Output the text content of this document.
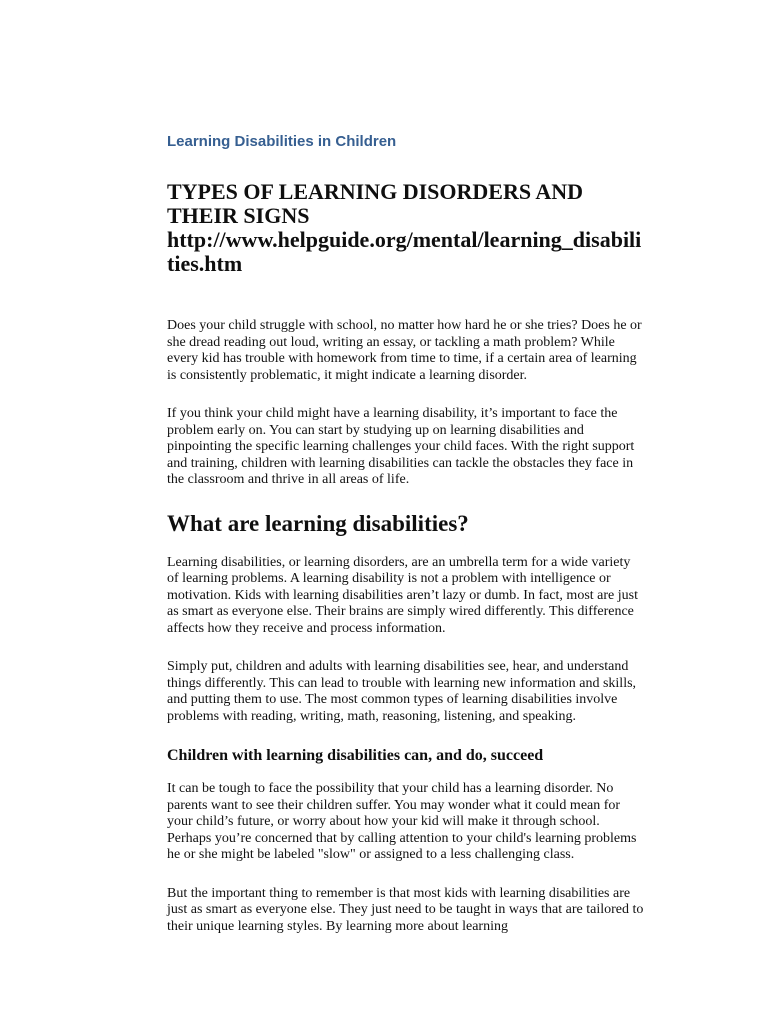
Learning Disabilities in Children

TYPES OF LEARNING DISORDERS AND THEIR SIGNS
http://www.helpguide.org/mental/learning_disabilities.htm

Does your child struggle with school, no matter how hard he or she tries? Does he or she dread reading out loud, writing an essay, or tackling a math problem? While every kid has trouble with homework from time to time, if a certain area of learning is consistently problematic, it might indicate a learning disorder.

If you think your child might have a learning disability, it’s important to face the problem early on. You can start by studying up on learning disabilities and pinpointing the specific learning challenges your child faces. With the right support and training, children with learning disabilities can tackle the obstacles they face in the classroom and thrive in all areas of life.

What are learning disabilities?

Learning disabilities, or learning disorders, are an umbrella term for a wide variety of learning problems. A learning disability is not a problem with intelligence or motivation. Kids with learning disabilities aren’t lazy or dumb. In fact, most are just as smart as everyone else. Their brains are simply wired differently. This difference affects how they receive and process information.

Simply put, children and adults with learning disabilities see, hear, and understand things differently. This can lead to trouble with learning new information and skills, and putting them to use. The most common types of learning disabilities involve problems with reading, writing, math, reasoning, listening, and speaking.

Children with learning disabilities can, and do, succeed

It can be tough to face the possibility that your child has a learning disorder. No parents want to see their children suffer. You may wonder what it could mean for your child’s future, or worry about how your kid will make it through school. Perhaps you’re concerned that by calling attention to your child's learning problems he or she might be labeled "slow" or assigned to a less challenging class.

But the important thing to remember is that most kids with learning disabilities are just as smart as everyone else. They just need to be taught in ways that are tailored to their unique learning styles. By learning more about learning
